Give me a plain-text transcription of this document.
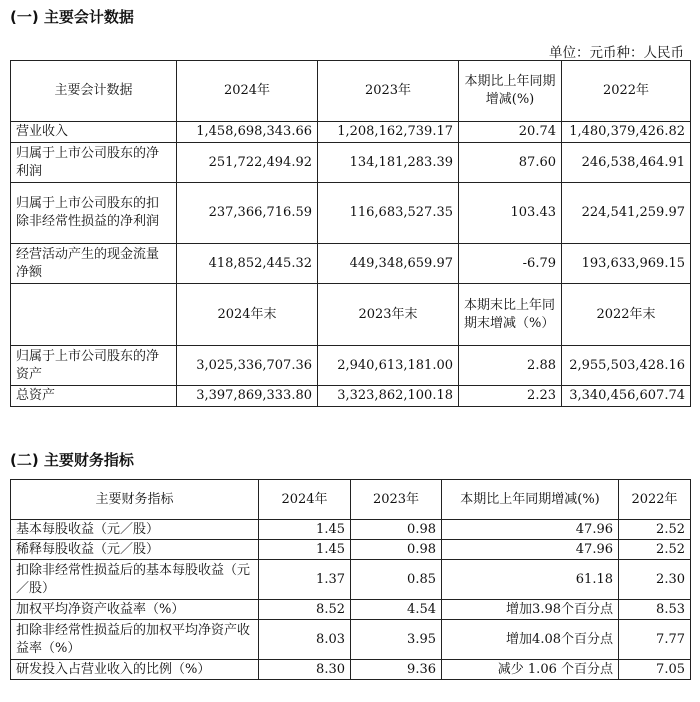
(一) 主要会计数据
单位：元币种：人民币
主要会计数据	2024年	2023年	本期比上年同期增减(%)	2022年
营业收入	1,458,698,343.66	1,208,162,739.17	20.74	1,480,379,426.82
归属于上市公司股东的净利润	251,722,494.92	134,181,283.39	87.60	246,538,464.91
归属于上市公司股东的扣除非经常性损益的净利润	237,366,716.59	116,683,527.35	103.43	224,541,259.97
经营活动产生的现金流量净额	418,852,445.32	449,348,659.97	-6.79	193,633,969.15
	2024年末	2023年末	本期末比上年同期末增减（%）	2022年末
归属于上市公司股东的净资产	3,025,336,707.36	2,940,613,181.00	2.88	2,955,503,428.16
总资产	3,397,869,333.80	3,323,862,100.18	2.23	3,340,456,607.74
(二) 主要财务指标
主要财务指标	2024年	2023年	本期比上年同期增减(%)	2022年
基本每股收益（元／股）	1.45	0.98	47.96	2.52
稀释每股收益（元／股）	1.45	0.98	47.96	2.52
扣除非经常性损益后的基本每股收益（元／股）	1.37	0.85	61.18	2.30
加权平均净资产收益率（%）	8.52	4.54	增加3.98个百分点	8.53
扣除非经常性损益后的加权平均净资产收益率（%）	8.03	3.95	增加4.08个百分点	7.77
研发投入占营业收入的比例（%）	8.30	9.36	减少 1.06 个百分点	7.05
